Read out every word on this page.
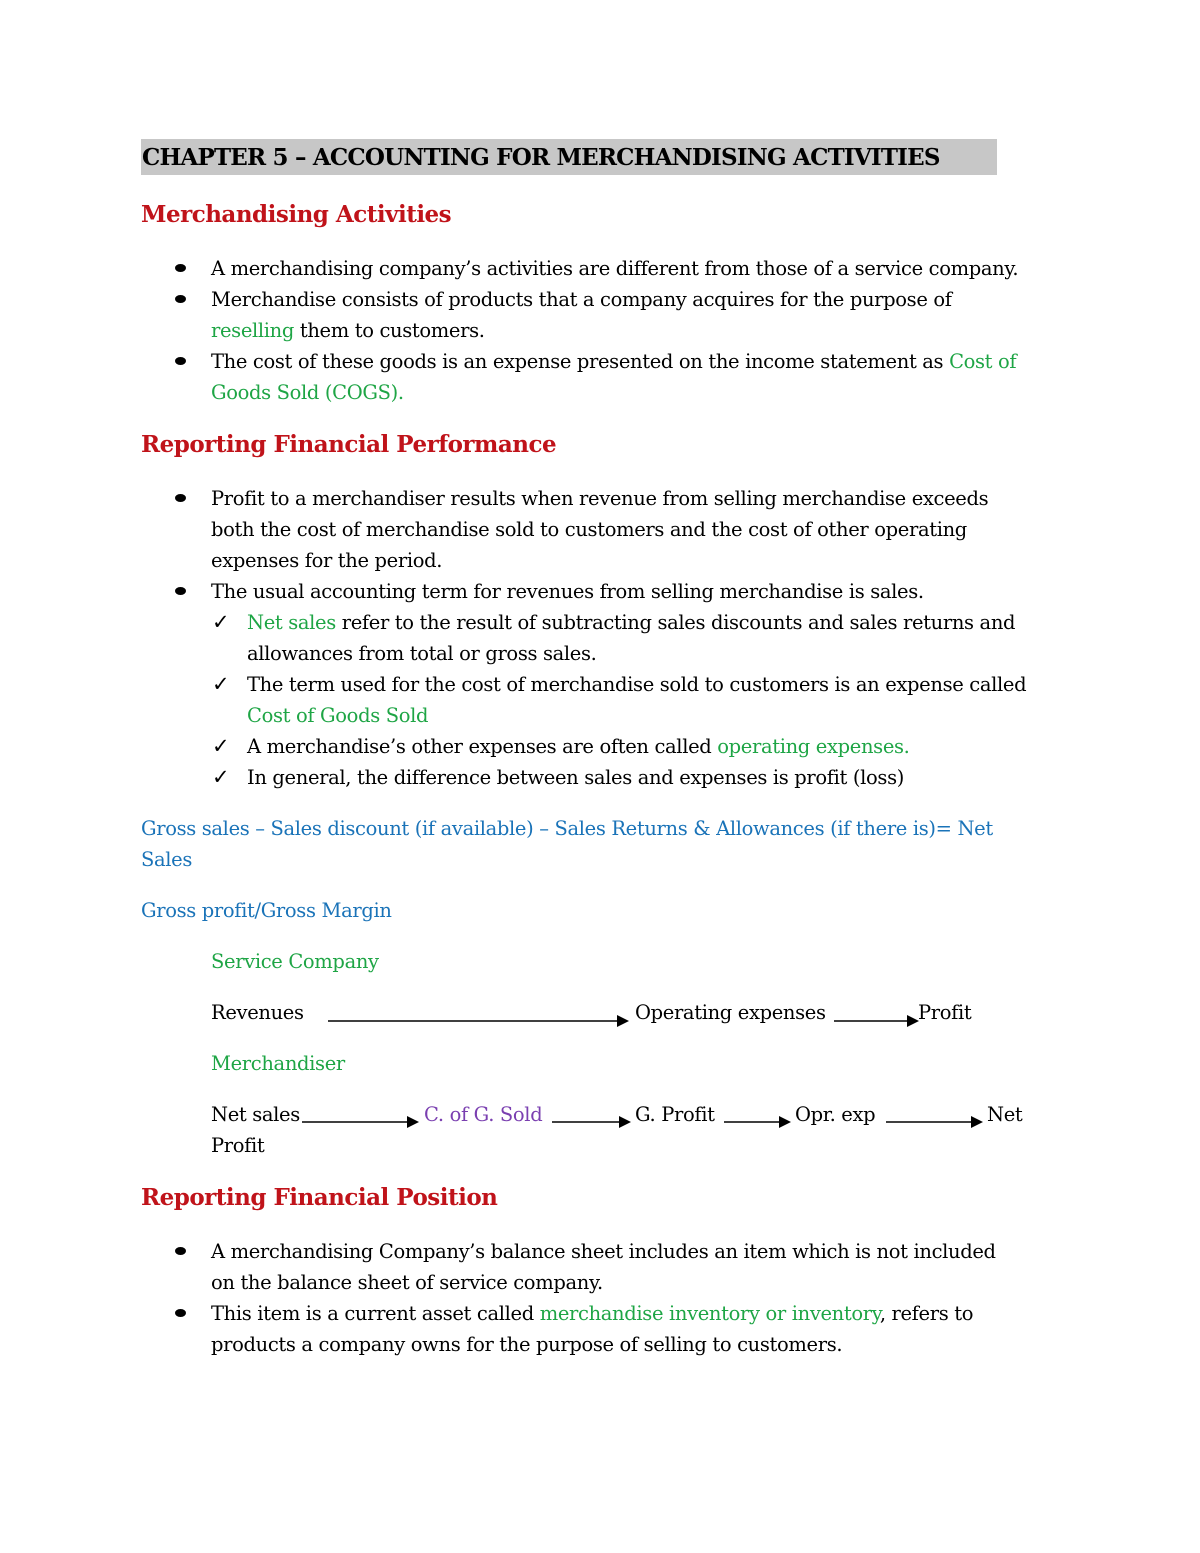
CHAPTER 5 – ACCOUNTING FOR MERCHANDISING ACTIVITIES
Merchandising Activities
A merchandising company’s activities are different from those of a service company.
Merchandise consists of products that a company acquires for the purpose of
reselling them to customers.
The cost of these goods is an expense presented on the income statement as Cost of
Goods Sold (COGS).
Reporting Financial Performance
Profit to a merchandiser results when revenue from selling merchandise exceeds
both the cost of merchandise sold to customers and the cost of other operating
expenses for the period.
The usual accounting term for revenues from selling merchandise is sales.
✓ Net sales refer to the result of subtracting sales discounts and sales returns and
allowances from total or gross sales.
✓ The term used for the cost of merchandise sold to customers is an expense called
Cost of Goods Sold
✓ A merchandise’s other expenses are often called operating expenses.
✓ In general, the difference between sales and expenses is profit (loss)
Gross sales – Sales discount (if available) – Sales Returns & Allowances (if there is)= Net
Sales
Gross profit/Gross Margin
Service Company
Revenues	Operating expenses	Profit
Merchandiser
Net sales	C. of G. Sold	G. Profit	Opr. exp	Net
Profit
Reporting Financial Position
A merchandising Company’s balance sheet includes an item which is not included
on the balance sheet of service company.
This item is a current asset called merchandise inventory or inventory, refers to
products a company owns for the purpose of selling to customers.
